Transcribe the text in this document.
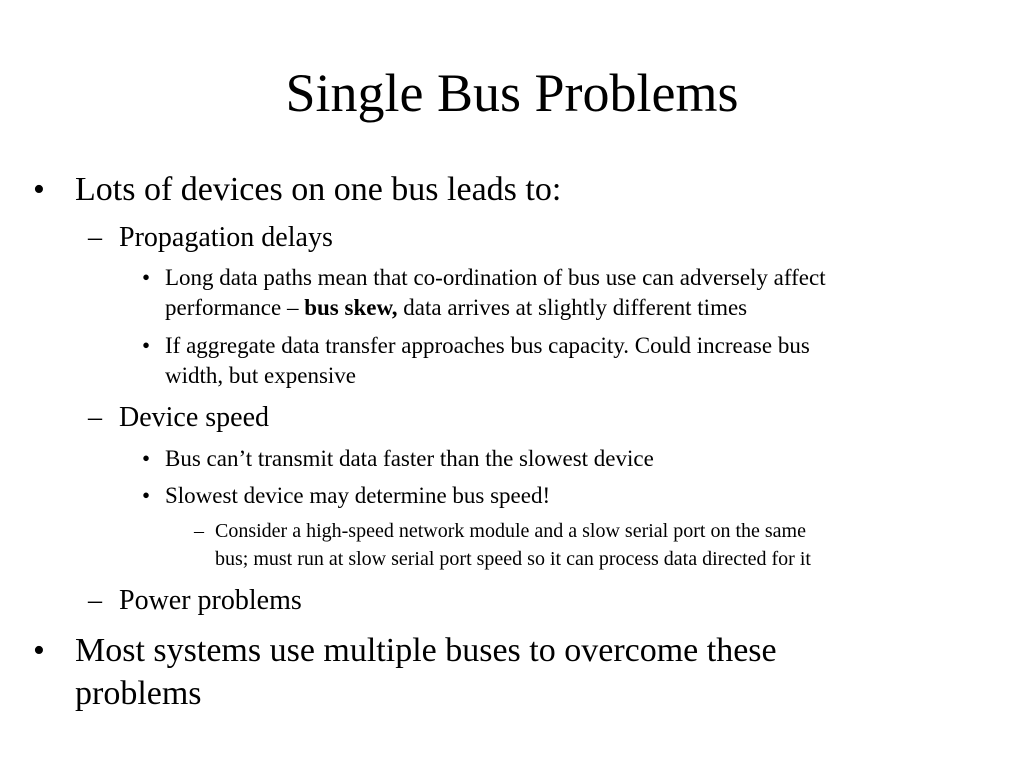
Single Bus Problems
• Lots of devices on one bus leads to:
– Propagation delays
• Long data paths mean that co-ordination of bus use can adversely affect
performance – bus skew, data arrives at slightly different times
• If aggregate data transfer approaches bus capacity. Could increase bus
width, but expensive
– Device speed
• Bus can’t transmit data faster than the slowest device
• Slowest device may determine bus speed!
– Consider a high-speed network module and a slow serial port on the same
bus; must run at slow serial port speed so it can process data directed for it
– Power problems
• Most systems use multiple buses to overcome these
problems
